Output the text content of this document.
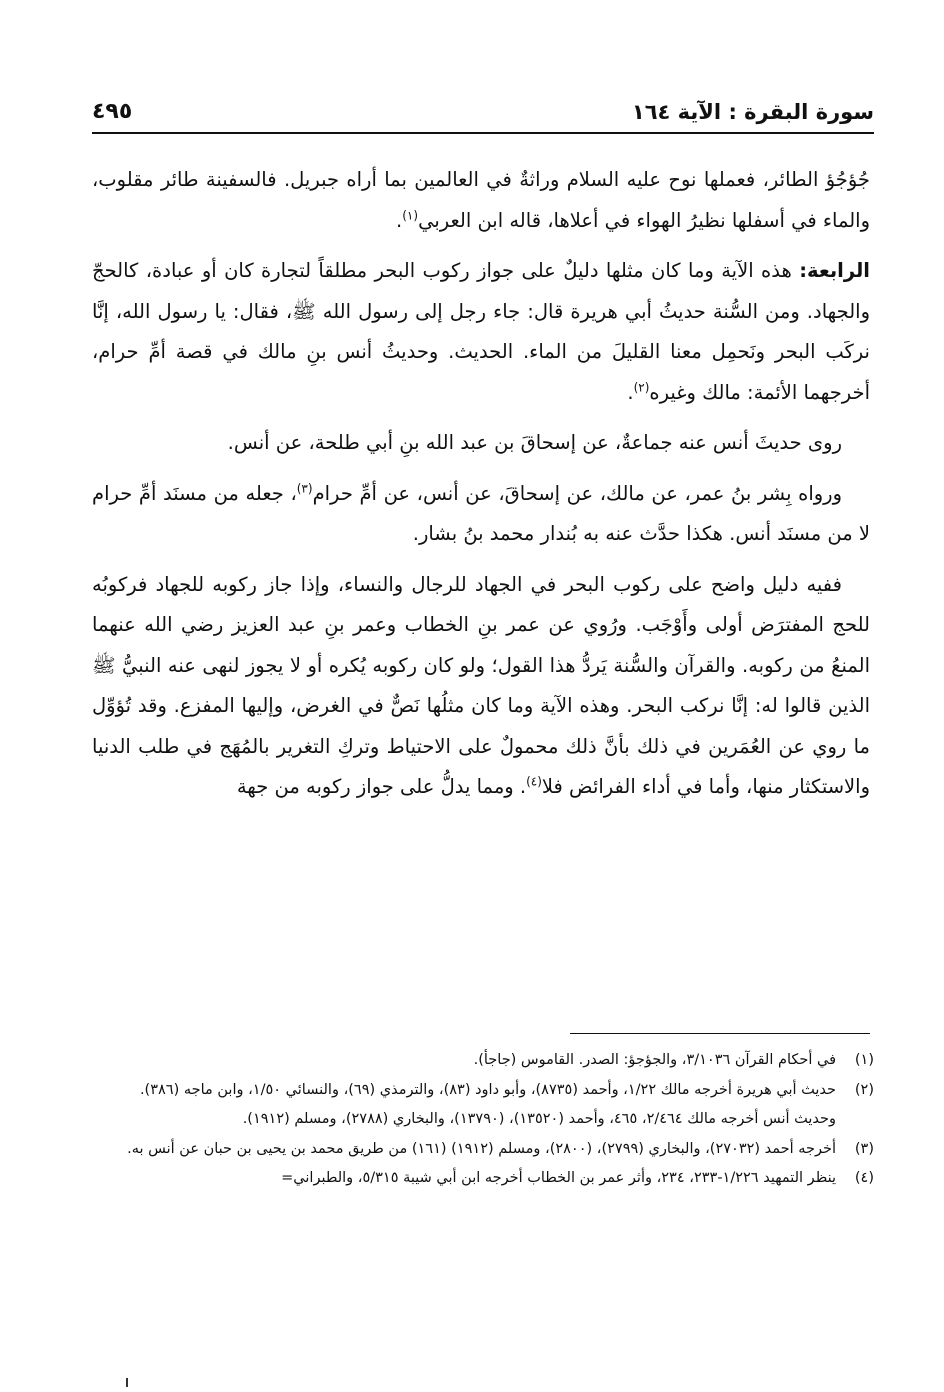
سورة البقرة : الآية ١٦٤
٤٩٥

جُؤجُؤ الطائر، فعملها نوح عليه السلام وراثةٌ في العالمين بما أراه جبريل. فالسفينة طائر مقلوب، والماء في أسفلها نظيرُ الهواء في أعلاها، قاله ابن العربي$^{(١)}$.

الرابعة: هذه الآية وما كان مثلها دليلٌ على جواز ركوب البحر مطلقاً لتجارة كان أو عبادة، كالحجّ والجهاد. ومن السُّنة حديثُ أبي هريرة قال: جاء رجل إلى رسول الله ﷺ، فقال: يا رسول الله، إنَّا نركَب البحر ونَحمِل معنا القليلَ من الماء. الحديث. وحديثُ أنس بنِ مالك في قصة أمِّ حرام، أخرجهما الأئمة: مالك وغيره$^{(٢)}$.

روى حديثَ أنس عنه جماعةٌ، عن إسحاقَ بن عبد الله بنِ أبي طلحة، عن أنس.

ورواه بِشر بنُ عمر، عن مالك، عن إسحاقَ، عن أنس، عن أمِّ حرام$^{(٣)}$، جعله من مسنَد أمِّ حرام لا من مسنَد أنس. هكذا حدَّث عنه به بُندار محمد بنُ بشار.

ففيه دليل واضح على ركوب البحر في الجهاد للرجال والنساء، وإذا جاز ركوبه للجهاد فركوبُه للحج المفترَض أولى وأَوْجَب. ورُوي عن عمر بنِ الخطاب وعمر بنِ عبد العزيز رضي الله عنهما المنعُ من ركوبه. والقرآن والسُّنة يَردُّ هذا القول؛ ولو كان ركوبه يُكره أو لا يجوز لنهى عنه النبيُّ ﷺ الذين قالوا له: إنَّا نركب البحر. وهذه الآية وما كان مثلُها نَصٌّ في الغرض، وإليها المفزع. وقد تُؤوِّل ما روي عن العُمَرين في ذلك بأنَّ ذلك محمولٌ على الاحتياط وتركِ التغرير بالمُهَج في طلب الدنيا والاستكثار منها، وأما في أداء الفرائض فلا$^{(٤)}$. ومما يدلُّ على جواز ركوبه من جهة

(١)
في أحكام القرآن ٣/١٠٣٦، والجؤجؤ: الصدر. القاموس (جاجأ).
(٢)
حديث أبي هريرة أخرجه مالك ١/٢٢، وأحمد (٨٧٣٥)، وأبو داود (٨٣)، والترمذي (٦٩)، والنسائي ١/٥٠، وابن ماجه (٣٨٦).
وحديث أنس أخرجه مالك ٢/٤٦٤، ٤٦٥، وأحمد (١٣٥٢٠)، (١٣٧٩٠)، والبخاري (٢٧٨٨)، ومسلم (١٩١٢).
(٣)
أخرجه أحمد (٢٧٠٣٢)، والبخاري (٢٧٩٩)، (٢٨٠٠)، ومسلم (١٩١٢) (١٦١) من طريق محمد بن يحيى بن حبان عن أنس به.
(٤)
ينظر التمهيد ١/٢٢٦-٢٣٣، ٢٣٤، وأثر عمر بن الخطاب أخرجه ابن أبي شيبة ٥/٣١٥، والطبراني=
